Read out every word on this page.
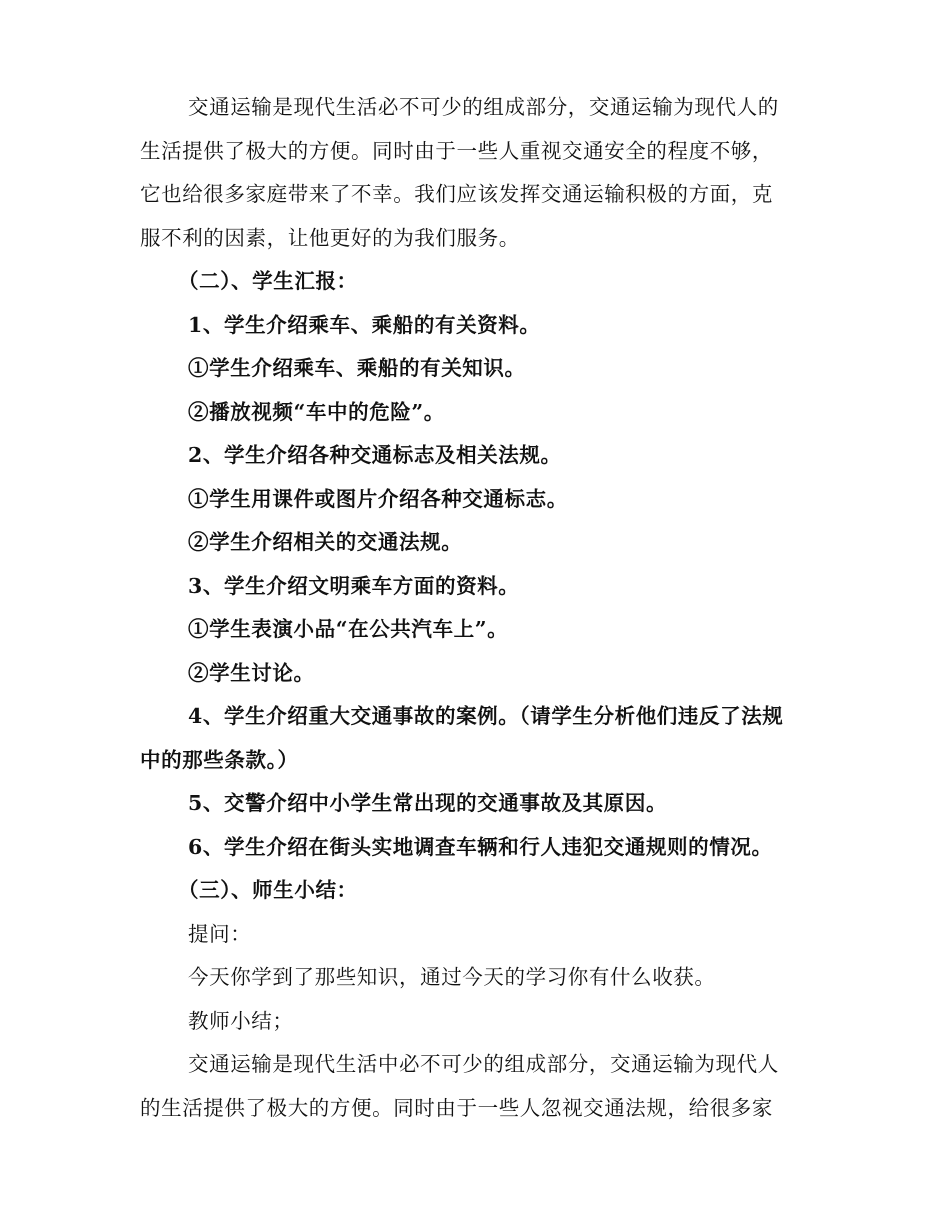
交通运输是现代生活必不可少的组成部分，交通运输为现代人的

生活提供了极大的方便。同时由于一些人重视交通安全的程度不够，

它也给很多家庭带来了不幸。我们应该发挥交通运输积极的方面，克

服不利的因素，让他更好的为我们服务。

（二）、学生汇报：

1、学生介绍乘车、乘船的有关资料。

①学生介绍乘车、乘船的有关知识。

②播放视频“车中的危险”。

2、学生介绍各种交通标志及相关法规。

①学生用课件或图片介绍各种交通标志。

②学生介绍相关的交通法规。

3、学生介绍文明乘车方面的资料。

①学生表演小品“在公共汽车上”。

②学生讨论。

4、学生介绍重大交通事故的案例。（请学生分析他们违反了法规

中的那些条款。）

5、交警介绍中小学生常出现的交通事故及其原因。

6、学生介绍在街头实地调查车辆和行人违犯交通规则的情况。

（三）、师生小结：

提问：

今天你学到了那些知识，通过今天的学习你有什么收获。

教师小结；

交通运输是现代生活中必不可少的组成部分，交通运输为现代人

的生活提供了极大的方便。同时由于一些人忽视交通法规，给很多家
